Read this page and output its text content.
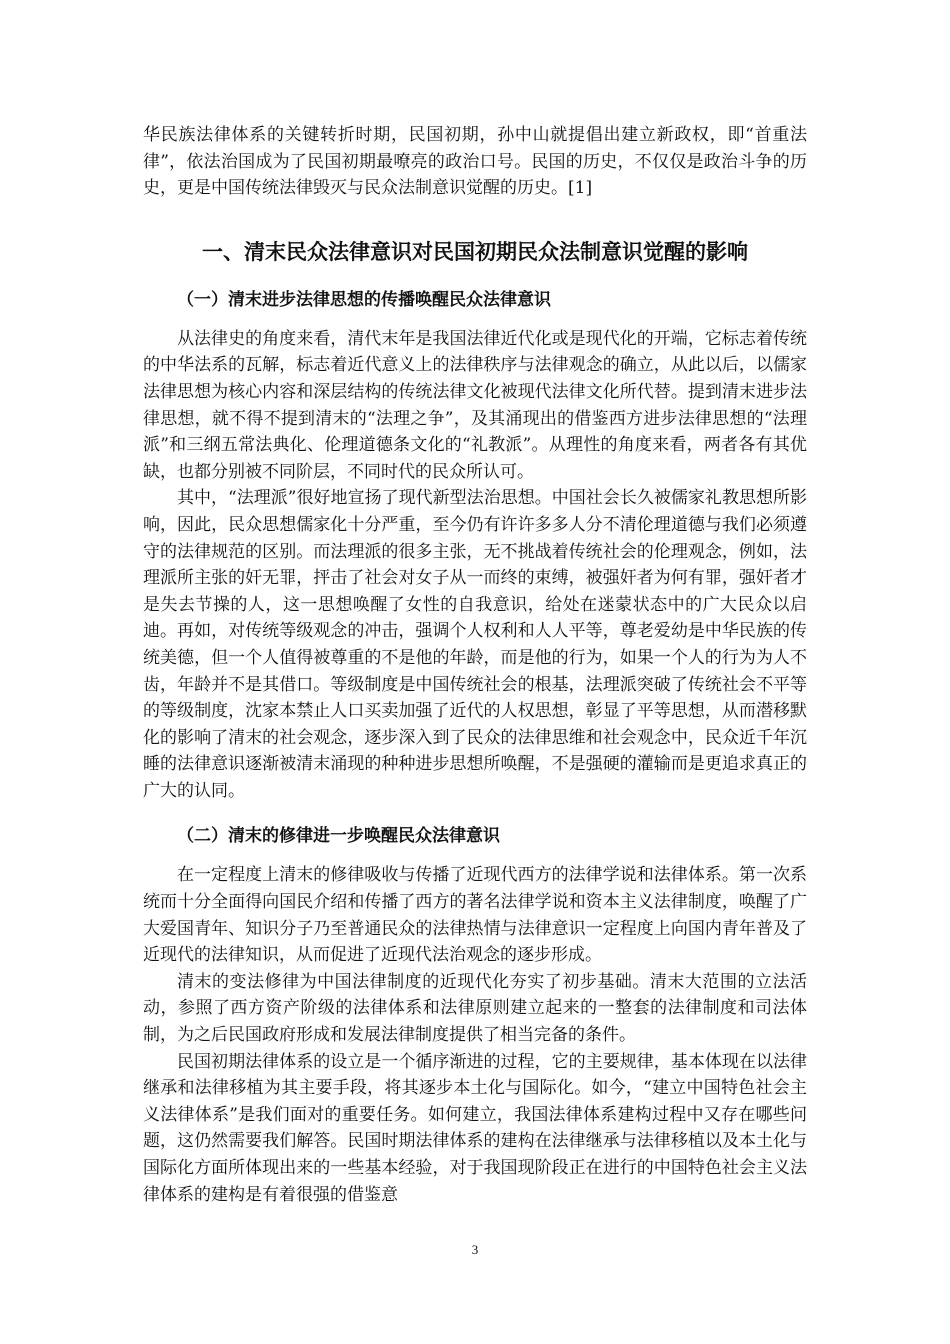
华民族法律体系的关键转折时期，民国初期，孙中山就提倡出建立新政权，即“首重法律”，依法治国成为了民国初期最嘹亮的政治口号。民国的历史，不仅仅是政治斗争的历史，更是中国传统法律毁灭与民众法制意识觉醒的历史。[1]

一、清末民众法律意识对民国初期民众法制意识觉醒的影响
（一）清末进步法律思想的传播唤醒民众法律意识

从法律史的角度来看，清代末年是我国法律近代化或是现代化的开端，它标志着传统的中华法系的瓦解，标志着近代意义上的法律秩序与法律观念的确立，从此以后，以儒家法律思想为核心内容和深层结构的传统法律文化被现代法律文化所代替。提到清末进步法律思想，就不得不提到清末的“法理之争”，及其涌现出的借鉴西方进步法律思想的“法理派”和三纲五常法典化、伦理道德条文化的“礼教派”。从理性的角度来看，两者各有其优缺，也都分别被不同阶层，不同时代的民众所认可。

其中，“法理派”很好地宣扬了现代新型法治思想。中国社会长久被儒家礼教思想所影响，因此，民众思想儒家化十分严重，至今仍有许许多多人分不清伦理道德与我们必须遵守的法律规范的区别。而法理派的很多主张，无不挑战着传统社会的伦理观念，例如，法理派所主张的奸无罪，抨击了社会对女子从一而终的束缚，被强奸者为何有罪，强奸者才是失去节操的人，这一思想唤醒了女性的自我意识，给处在迷蒙状态中的广大民众以启迪。再如，对传统等级观念的冲击，强调个人权利和人人平等，尊老爱幼是中华民族的传统美德，但一个人值得被尊重的不是他的年龄，而是他的行为，如果一个人的行为为人不齿，年龄并不是其借口。等级制度是中国传统社会的根基，法理派突破了传统社会不平等的等级制度，沈家本禁止人口买卖加强了近代的人权思想，彰显了平等思想，从而潜移默化的影响了清末的社会观念，逐步深入到了民众的法律思维和社会观念中，民众近千年沉睡的法律意识逐渐被清末涌现的种种进步思想所唤醒，不是强硬的灌输而是更追求真正的广大的认同。

（二）清末的修律进一步唤醒民众法律意识

在一定程度上清末的修律吸收与传播了近现代西方的法律学说和法律体系。第一次系统而十分全面得向国民介绍和传播了西方的著名法律学说和资本主义法律制度，唤醒了广大爱国青年、知识分子乃至普通民众的法律热情与法律意识一定程度上向国内青年普及了近现代的法律知识，从而促进了近现代法治观念的逐步形成。

清末的变法修律为中国法律制度的近现代化夯实了初步基础。清末大范围的立法活动，参照了西方资产阶级的法律体系和法律原则建立起来的一整套的法律制度和司法体制，为之后民国政府形成和发展法律制度提供了相当完备的条件。

民国初期法律体系的设立是一个循序渐进的过程，它的主要规律，基本体现在以法律继承和法律移植为其主要手段，将其逐步本土化与国际化。如今，“建立中国特色社会主义法律体系”是我们面对的重要任务。如何建立，我国法律体系建构过程中又存在哪些问题，这仍然需要我们解答。民国时期法律体系的建构在法律继承与法律移植以及本土化与国际化方面所体现出来的一些基本经验，对于我国现阶段正在进行的中国特色社会主义法律体系的建构是有着很强的借鉴意

3
